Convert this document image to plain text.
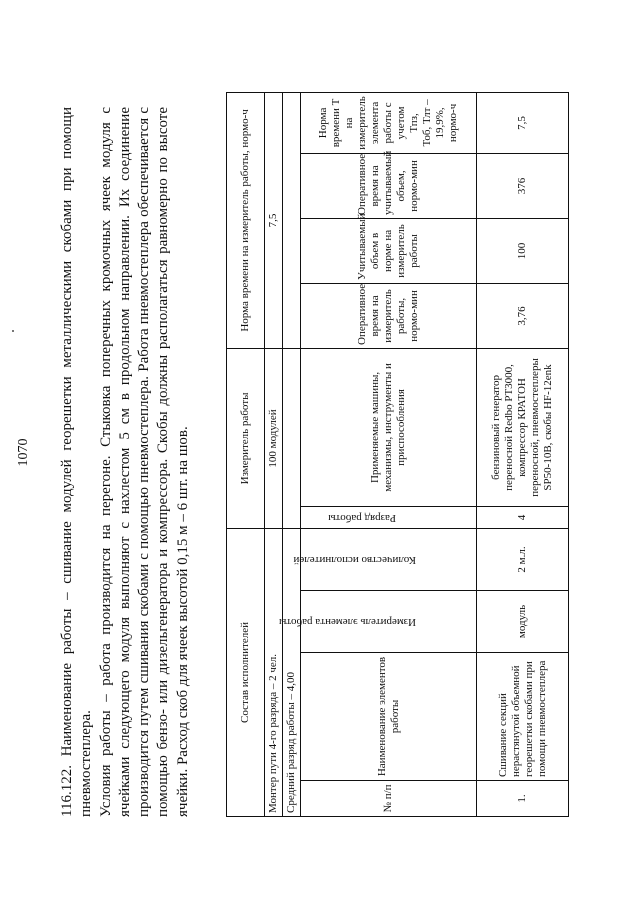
1070 116.122. Наименование работы – сшивание модулей георешетки металлическими скобами при помощи пневмостеплера. Условия работы – работа производится на перегоне. Стыковка поперечных кромочных ячеек модуля с ячейками следующего модуля выполняют с нахлестом 5 см в продольном направлении. Их соединение производится путем сшивания скобами с помощью пневмостеплера. Работа пневмостеплера обеспечивается с помощью бензо- или дизельгенератора и компрессора. Скобы должны располагаться равномерно по высоте ячейки. Расход скоб для ячеек высотой 0,15 м – 6 шт. на шов.	Состав исполнителей				Измеритель работы		Норма времени на измеритель работы, нормо-ч			
Монтер пути 4-го разряда – 2 чел.				100 модулей		7,5			
Средний разряд работы – 4,00									
№ п/п	Наименование элементов работы	Измеритель элемента работы	Количество исполнителей	Разряд работы	Применяемые машины, механизмы, инструменты и приспособления	Оперативное время на измеритель работы, нормо-мин	Учитываемый объем в норме на измеритель работы	Оперативное время на учитываемый объем, нормо-мин	Норма времени Т на измеритель элемента работы с учетом Тпз, Тоб, Тлт – 19,9%, нормо-ч

1.	Сшивание секций нерастянутой объемной георешетки скобами при помощи пневмостеплера	модуль	2 м.л.	4	бензиновый генератор переносной Redbo PT3000, компрессор КРАТОН переносной, пневмостеплеры SP50-10B, скобы HF-12enk	3,76	100	376	7,5
